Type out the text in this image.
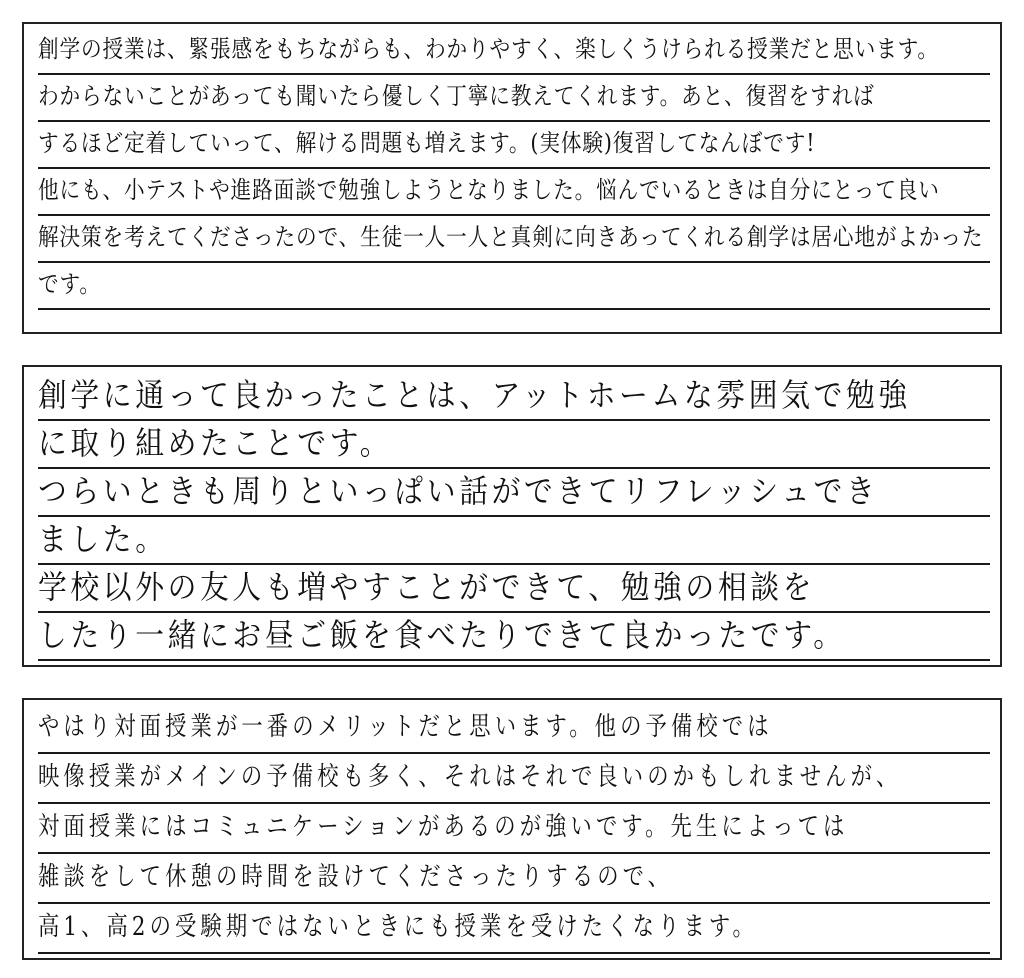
創学の授業は、緊張感をもちながらも、わかりやすく、楽しくうけられる授業だと思います。
わからないことがあっても聞いたら優しく丁寧に教えてくれます。あと、復習をすれば
するほど定着していって、解ける問題も増えます。(実体験)復習してなんぼです!
他にも、小テストや進路面談で勉強しようとなりました。悩んでいるときは自分にとって良い
解決策を考えてくださったので、生徒一人一人と真剣に向きあってくれる創学は居心地がよかった
です。
創学に通って良かったことは、アットホームな雰囲気で勉強
に取り組めたことです。
つらいときも周りといっぱい話ができてリフレッシュでき
ました。
学校以外の友人も増やすことができて、勉強の相談を
したり一緒にお昼ご飯を食べたりできて良かったです。
やはり対面授業が一番のメリットだと思います。他の予備校では
映像授業がメインの予備校も多く、それはそれで良いのかもしれませんが、
対面授業にはコミュニケーションがあるのが強いです。先生によっては
雑談をして休憩の時間を設けてくださったりするので、
高1、高2の受験期ではないときにも授業を受けたくなります。
